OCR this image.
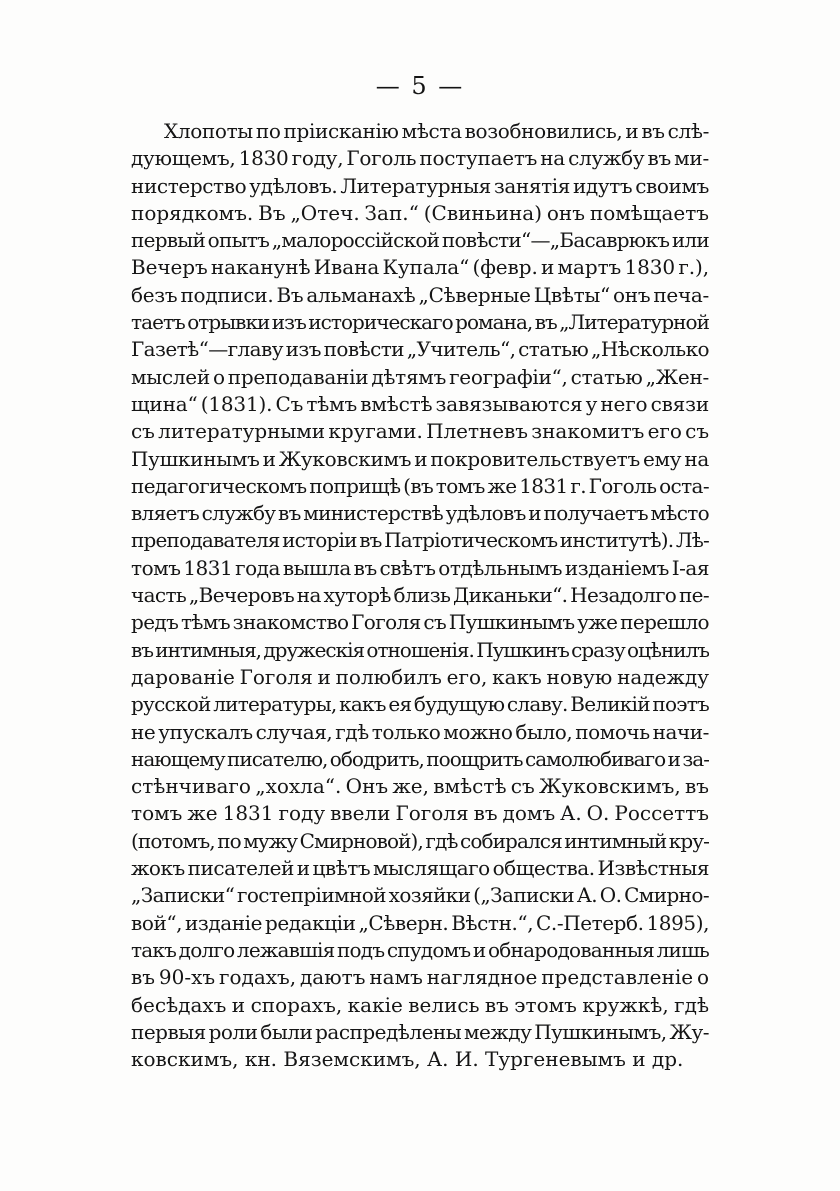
— 5 —
Хлопоты по пріисканію мѣста возобновились, и въ слѣ-
дующемъ, 1830 году, Гоголь поступаетъ на службу въ ми-
нистерство удѣловъ. Литературныя занятія идутъ своимъ
порядкомъ. Въ „Отеч. Зап.“ (Свиньина) онъ помѣщаетъ
первый опытъ „малороссійской повѣсти“—„Басаврюкъ или
Вечеръ наканунѣ Ивана Купала“ (февр. и мартъ 1830 г.),
безъ подписи. Въ альманахѣ „Сѣверные Цвѣты“ онъ печа-
таетъ отрывки изъ историческаго романа, въ „Литературной
Газетѣ“—главу изъ повѣсти „Учитель“, статью „Нѣсколько
мыслей о преподаваніи дѣтямъ географіи“, статью „Жен-
щина“ (1831). Съ тѣмъ вмѣстѣ завязываются у него связи
съ литературными кругами. Плетневъ знакомитъ его съ
Пушкинымъ и Жуковскимъ и покровительствуетъ ему на
педагогическомъ поприщѣ (въ томъ же 1831 г. Гоголь оста-
вляетъ службу въ министерствѣ удѣловъ и получаетъ мѣсто
преподавателя исторіи въ Патріотическомъ институтѣ). Лѣ-
томъ 1831 года вышла въ свѣтъ отдѣльнымъ изданіемъ I-ая
часть „Вечеровъ на хуторѣ близь Диканьки“. Незадолго пе-
редъ тѣмъ знакомство Гоголя съ Пушкинымъ уже перешло
въ интимныя, дружескія отношенія. Пушкинъ сразу оцѣнилъ
дарованіе Гоголя и полюбилъ его, какъ новую надежду
русской литературы, какъ ея будущую славу. Великій поэтъ
не упускалъ случая, гдѣ только можно было, помочь начи-
нающему писателю, ободрить, поощрить самолюбиваго и за-
стѣнчиваго „хохла“. Онъ же, вмѣстѣ съ Жуковскимъ, въ
томъ же 1831 году ввели Гоголя въ домъ А. О. Россеттъ
(потомъ, по мужу Смирновой), гдѣ собирался интимный кру-
жокъ писателей и цвѣтъ мыслящаго общества. Извѣстныя
„Записки“ гостепріимной хозяйки („Записки А. О. Смирно-
вой“, изданіе редакціи „Сѣверн. Вѣстн.“, С.-Петерб. 1895),
такъ долго лежавшія подъ спудомъ и обнародованныя лишь
въ 90-хъ годахъ, даютъ намъ наглядное представленіе о
бесѣдахъ и спорахъ, какіе велись въ этомъ кружкѣ, гдѣ
первыя роли были распредѣлены между Пушкинымъ, Жу-
ковскимъ, кн. Вяземскимъ, А. И. Тургеневымъ и др.
